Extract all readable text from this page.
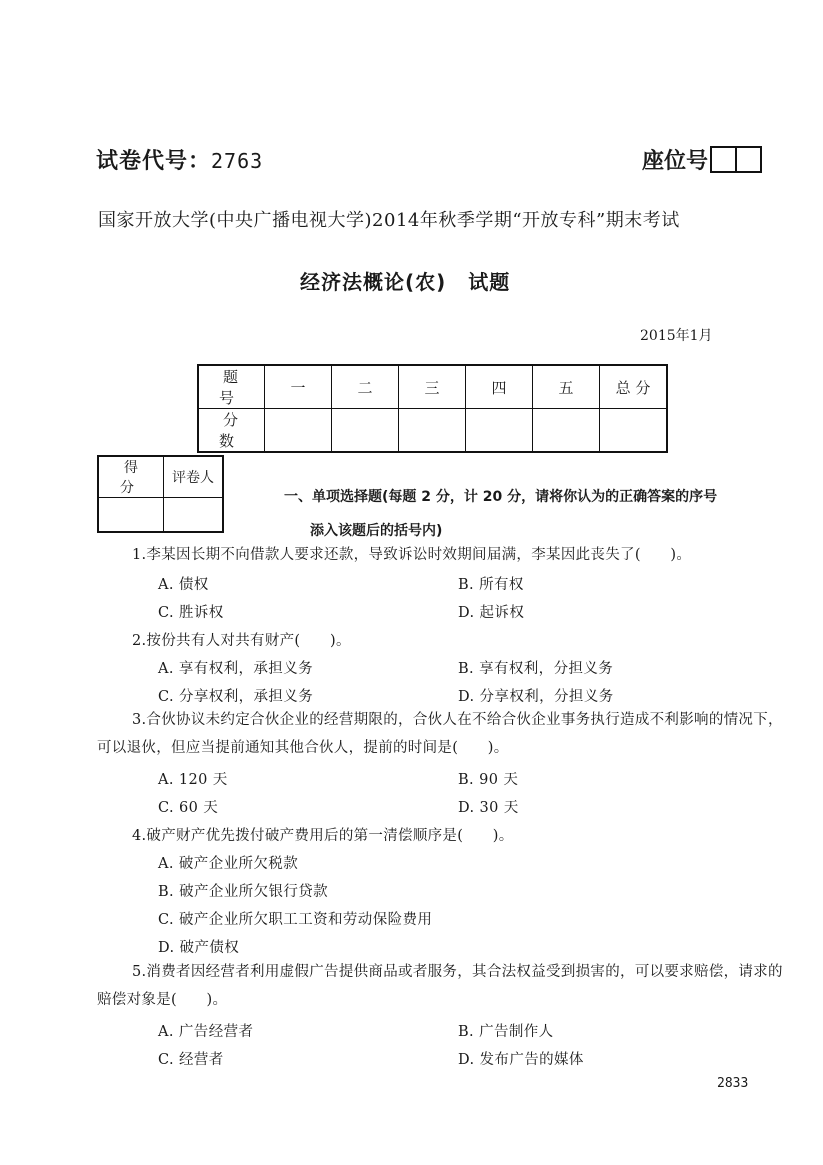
试卷代号：2763	座位号
国家开放大学(中央广播电视大学)2014年秋季学期“开放专科”期末考试
经济法概论(农) 试题
2015年1月
题 号	一	二	三	四	五	总 分
分 数						
得 分	评卷人

一、单项选择题(每题 2 分，计 20 分，请将你认为的正确答案的序号
添入该题后的括号内)
1.李某因长期不向借款人要求还款，导致诉讼时效期间届满，李某因此丧失了(　　)。
A. 债权	B. 所有权
C. 胜诉权	D. 起诉权
2.按份共有人对共有财产(　　)。
A. 享有权利，承担义务	B. 享有权利，分担义务
C. 分享权利，承担义务	D. 分享权利，分担义务
3.合伙协议未约定合伙企业的经营期限的，合伙人在不给合伙企业事务执行造成不利影响的情况下，可以退伙，但应当提前通知其他合伙人，提前的时间是(　　)。
A. 120 天	B. 90 天
C. 60 天	D. 30 天
4.破产财产优先拨付破产费用后的第一清偿顺序是(　　)。
A. 破产企业所欠税款
B. 破产企业所欠银行贷款
C. 破产企业所欠职工工资和劳动保险费用
D. 破产债权
5.消费者因经营者利用虚假广告提供商品或者服务，其合法权益受到损害的，可以要求赔偿，请求的赔偿对象是(　　)。
A. 广告经营者	B. 广告制作人
C. 经营者	D. 发布广告的媒体
2833
